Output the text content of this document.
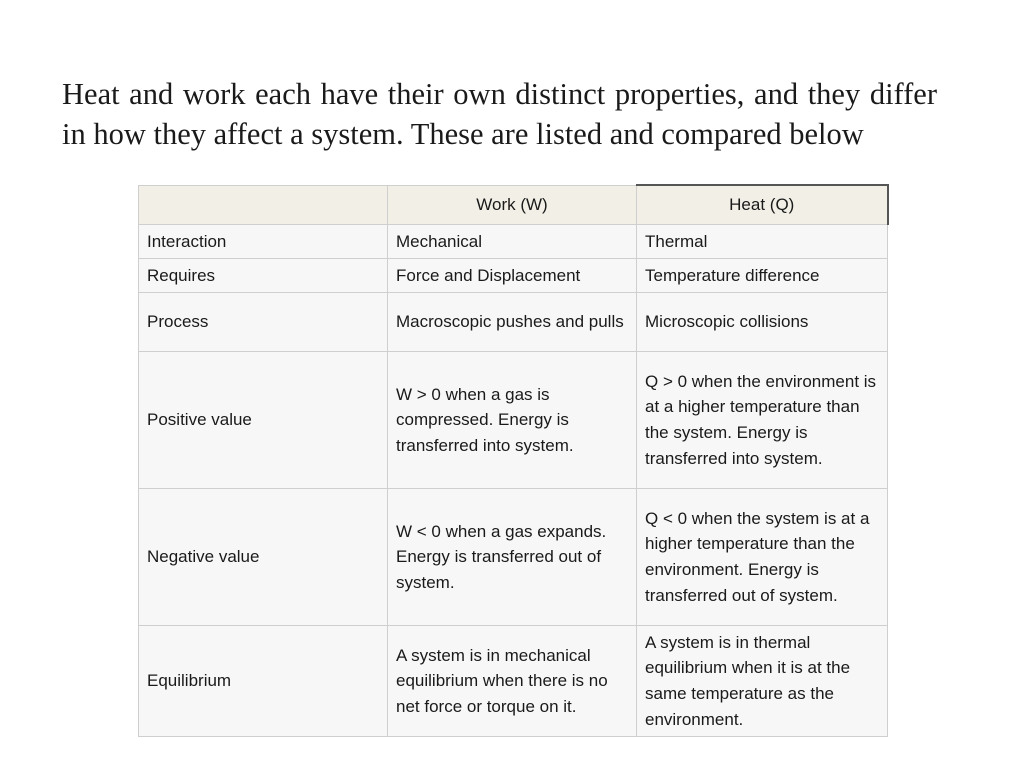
Heat and work each have their own distinct properties, and they differ in how they affect a system. These are listed and compared below

	Work (W)	Heat (Q)
Interaction	Mechanical	Thermal
Requires	Force and Displacement	Temperature difference
Process	Macroscopic pushes and pulls	Microscopic collisions
Positive value	W > 0 when a gas is compressed. Energy is transferred into system.	Q > 0 when the environment is at a higher temperature than the system. Energy is transferred into system.
Negative value	W < 0 when a gas expands. Energy is transferred out of system.	Q < 0 when the system is at a higher temperature than the environment. Energy is transferred out of system.
Equilibrium	A system is in mechanical equilibrium when there is no net force or torque on it.	A system is in thermal equilibrium when it is at the same temperature as the environment.
